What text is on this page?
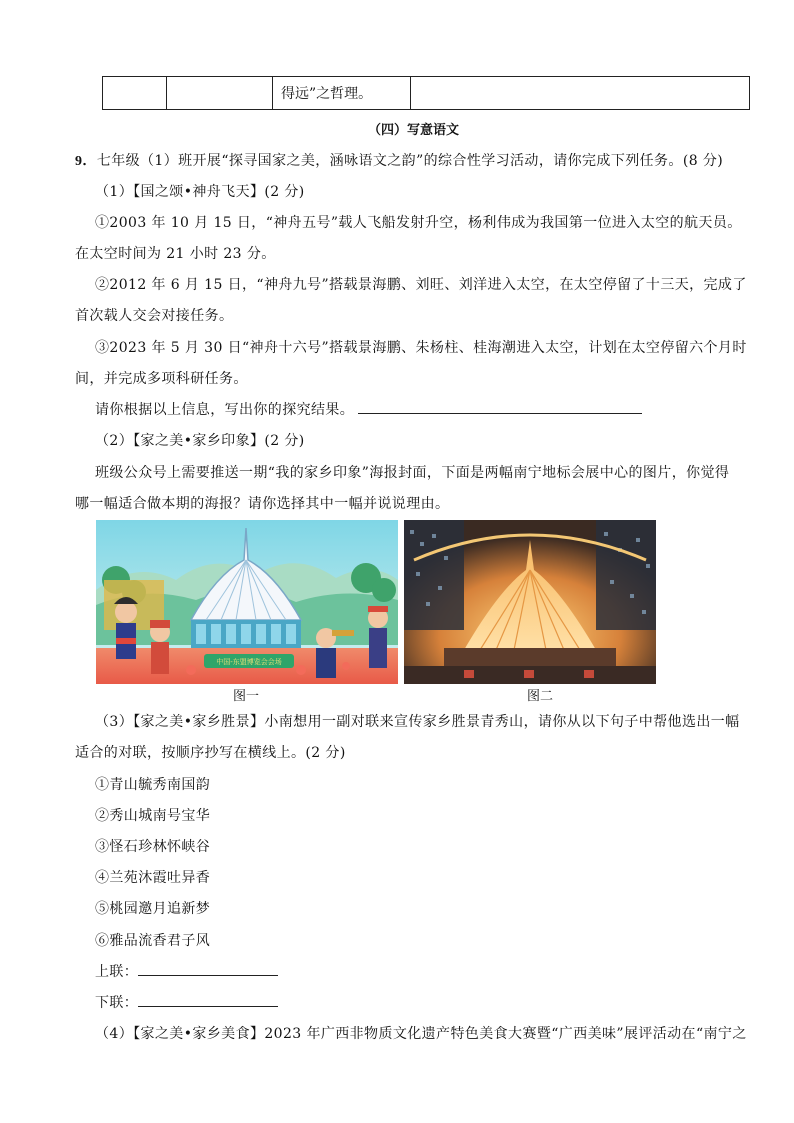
		得远”之哲理。	
（四）写意语文
9．七年级（1）班开展“探寻国家之美，涵咏语文之韵”的综合性学习活动，请你完成下列任务。(8 分)
（1）【国之颂•神舟飞天】(2 分)
①2003 年 10 月 15 日，“神舟五号”载人飞船发射升空，杨利伟成为我国第一位进入太空的航天员。
在太空时间为 21 小时 23 分。
②2012 年 6 月 15 日，“神舟九号”搭载景海鹏、刘旺、刘洋进入太空，在太空停留了十三天，完成了
首次载人交会对接任务。
③2023 年 5 月 30 日“神舟十六号”搭载景海鹏、朱杨柱、桂海潮进入太空，计划在太空停留六个月时
间，并完成多项科研任务。
请你根据以上信息，写出你的探究结果。
（2）【家之美•家乡印象】(2 分)
班级公众号上需要推送一期“我的家乡印象”海报封面，下面是两幅南宁地标会展中心的图片，你觉得
哪一幅适合做本期的海报？请你选择其中一幅并说说理由。
中国-东盟博览会会场
图一	图二
（3）【家之美•家乡胜景】小南想用一副对联来宣传家乡胜景青秀山，请你从以下句子中帮他选出一幅
适合的对联，按顺序抄写在横线上。(2 分)
①青山毓秀南国韵
②秀山城南号宝华
③怪石珍林怀峡谷
④兰苑沐霞吐异香
⑤桃园邀月追新梦
⑥雅品流香君子风
上联：
下联：
（4）【家之美•家乡美食】2023 年广西非物质文化遗产特色美食大赛暨“广西美味”展评活动在“南宁之
